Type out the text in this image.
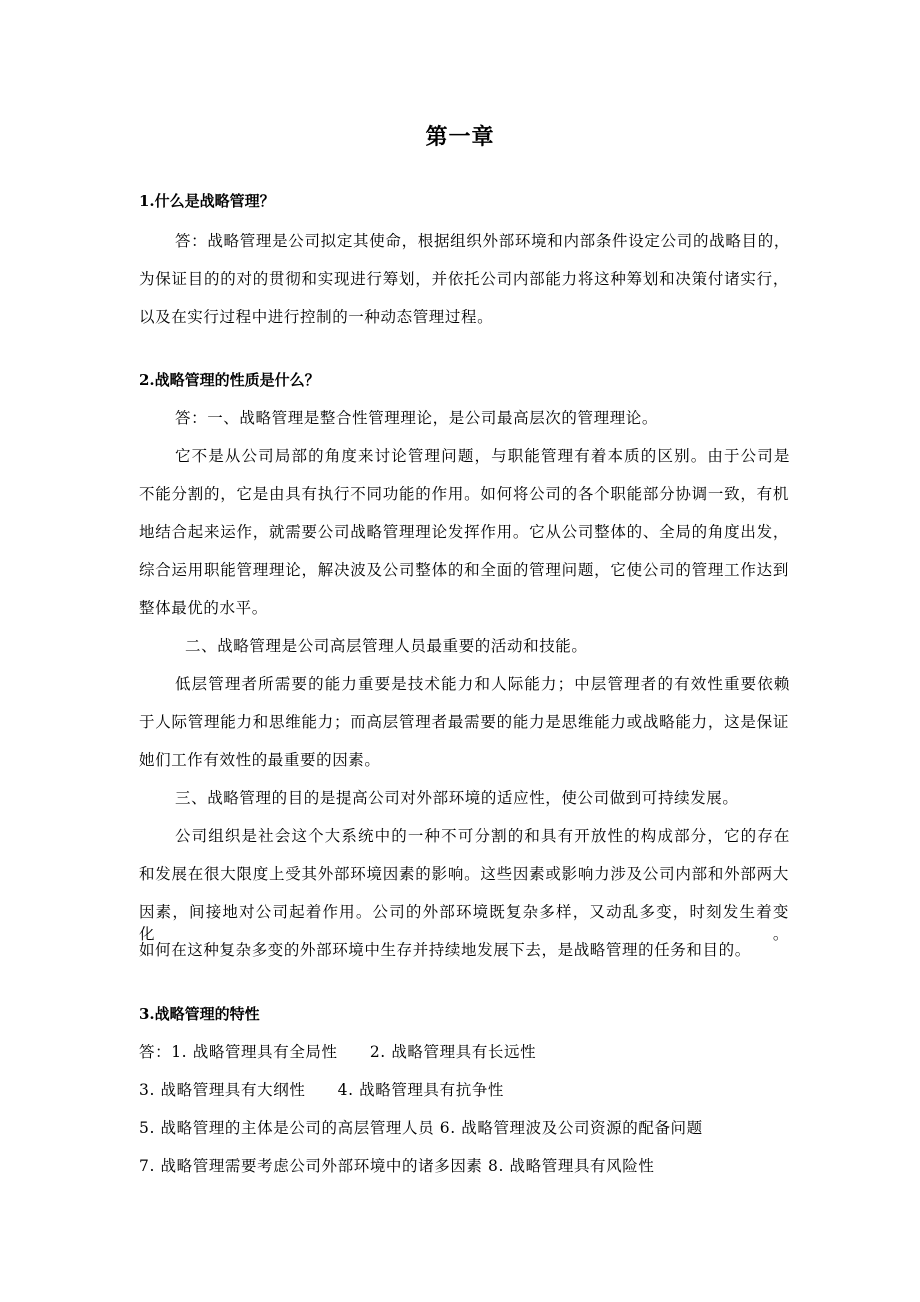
第一章
1.什么是战略管理？
答：战略管理是公司拟定其使命，根据组织外部环境和内部条件设定公司的战略目的，
为保证目的的对的贯彻和实现进行筹划，并依托公司内部能力将这种筹划和决策付诸实行，
以及在实行过程中进行控制的一种动态管理过程。
2.战略管理的性质是什么？
答：一、战略管理是整合性管理理论，是公司最高层次的管理理论。
它不是从公司局部的角度来讨论管理问题，与职能管理有着本质的区别。由于公司是
不能分割的，它是由具有执行不同功能的作用。如何将公司的各个职能部分协调一致，有机
地结合起来运作，就需要公司战略管理理论发挥作用。它从公司整体的、全局的角度出发，
综合运用职能管理理论，解决波及公司整体的和全面的管理问题，它使公司的管理工作达到
整体最优的水平。
二、战略管理是公司高层管理人员最重要的活动和技能。
低层管理者所需要的能力重要是技术能力和人际能力；中层管理者的有效性重要依赖
于人际管理能力和思维能力；而高层管理者最需要的能力是思维能力或战略能力，这是保证
她们工作有效性的最重要的因素。
三、战略管理的目的是提高公司对外部环境的适应性，使公司做到可持续发展。
公司组织是社会这个大系统中的一种不可分割的和具有开放性的构成部分，它的存在
和发展在很大限度上受其外部环境因素的影响。这些因素或影响力涉及公司内部和外部两大
因素，间接地对公司起着作用。公司的外部环境既复杂多样，又动乱多变，时刻发生着变化。
如何在这种复杂多变的外部环境中生存并持续地发展下去，是战略管理的任务和目的。
3.战略管理的特性
答：1. 战略管理具有全局性　　2. 战略管理具有长远性
3. 战略管理具有大纲性　　4. 战略管理具有抗争性
5. 战略管理的主体是公司的高层管理人员 6. 战略管理波及公司资源的配备问题
7. 战略管理需要考虑公司外部环境中的诸多因素 8. 战略管理具有风险性
